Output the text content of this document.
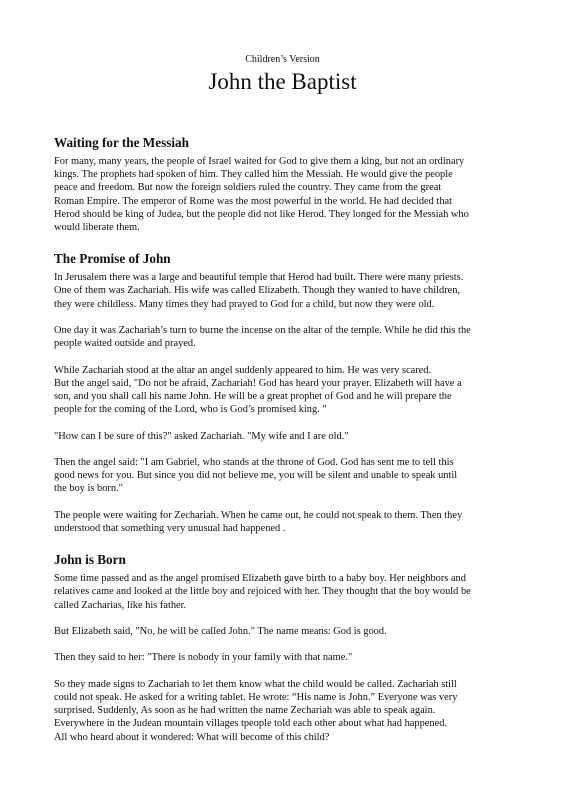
Children’s Version
John the Baptist
Waiting for the Messiah

For many, many years, the people of Israel waited for God to give them a king, but not an ordinary
kings. The prophets had spoken of him. They called him the Messiah. He would give the people
peace and freedom. But now the foreign soldiers ruled the country. They came from the great
Roman Empire. The emperor of Rome was the most powerful in the world. He had decided that
Herod should be king of Judea, but the people did not like Herod. They longed for the Messiah who
would liberate them.

The Promise of John

In Jerusalem there was a large and beautiful temple that Herod had built. There were many priests.
One of them was Zachariah. His wife was called Elizabeth. Though they wanted to have children,
they were childless. Many times they had prayed to God for a child, but now they were old.

One day it was Zachariah’s turn to burne the incense on the altar of the temple. While he did this the
people waited outside and prayed.

While Zachariah stood at the altar an angel suddenly appeared to him. He was very scared.
But the angel said, "Do not be afraid, Zachariah! God has heard your prayer. Elizabeth will have a
son, and you shall call his name John. He will be a great prophet of God and he will prepare the
people for the coming of the Lord, who is God’s promised king. "

"How can I be sure of this?" asked Zachariah. "My wife and I are old."

Then the angel said: "I am Gabriel, who stands at the throne of God. God has sent me to tell this
good news for you. But since you did not believe me, you will be silent and unable to speak until
the boy is born."

The people were waiting for Zechariah. When he came out, he could not speak to them. Then they
understood that something very unusual had happened .

John is Born

Some time passed and as the angel promised Elizabeth gave birth to a baby boy. Her neighbors and
relatives came and looked at the little boy and rejoiced with her. They thought that the boy would be
called Zacharias, like his father.

But Elizabeth said, "No, he will be called John." The name means: God is good.

Then they said to her: "There is nobody in your family with that name."

So they made signs to Zachariah to let them know what the child would be called. Zachariah still
could not speak. He asked for a writing tablet. He wrote: “His name is John.” Everyone was very
surprised. Suddenly, As soon as he had written the name Zechariah was able to speak again.
Everywhere in the Judean mountain villages tpeople told each other about what had happened.
All who heard about it wondered: What will become of this child?
